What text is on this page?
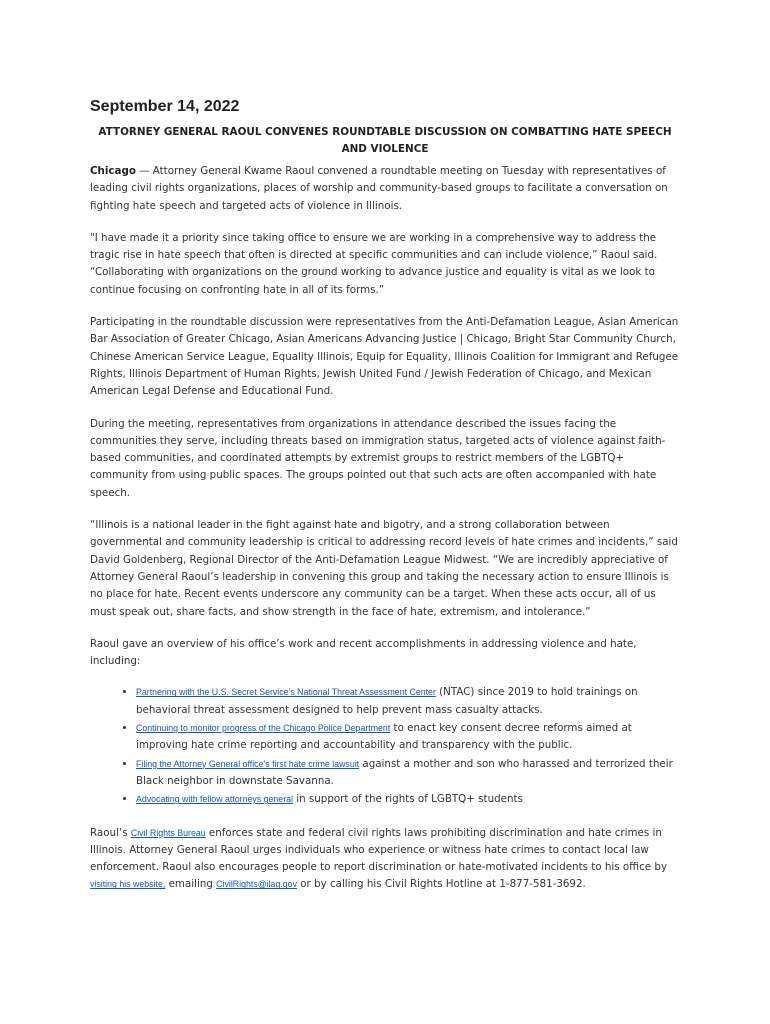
September 14, 2022
ATTORNEY GENERAL RAOUL CONVENES ROUNDTABLE DISCUSSION ON COMBATTING HATE SPEECH AND VIOLENCE

Chicago — Attorney General Kwame Raoul convened a roundtable meeting on Tuesday with representatives of leading civil rights organizations, places of worship and community-based groups to facilitate a conversation on fighting hate speech and targeted acts of violence in Illinois.

"I have made it a priority since taking office to ensure we are working in a comprehensive way to address the tragic rise in hate speech that often is directed at specific communities and can include violence,” Raoul said. “Collaborating with organizations on the ground working to advance justice and equality is vital as we look to continue focusing on confronting hate in all of its forms.”

Participating in the roundtable discussion were representatives from the Anti-Defamation League, Asian American Bar Association of Greater Chicago, Asian Americans Advancing Justice | Chicago, Bright Star Community Church, Chinese American Service League, Equality Illinois, Equip for Equality, Illinois Coalition for Immigrant and Refugee Rights, Illinois Department of Human Rights, Jewish United Fund / Jewish Federation of Chicago, and Mexican American Legal Defense and Educational Fund.

During the meeting, representatives from organizations in attendance described the issues facing the communities they serve, including threats based on immigration status, targeted acts of violence against faith-based communities, and coordinated attempts by extremist groups to restrict members of the LGBTQ+ community from using public spaces. The groups pointed out that such acts are often accompanied with hate speech.

“Illinois is a national leader in the fight against hate and bigotry, and a strong collaboration between governmental and community leadership is critical to addressing record levels of hate crimes and incidents,” said David Goldenberg, Regional Director of the Anti-Defamation League Midwest. “We are incredibly appreciative of Attorney General Raoul’s leadership in convening this group and taking the necessary action to ensure Illinois is no place for hate. Recent events underscore any community can be a target. When these acts occur, all of us must speak out, share facts, and show strength in the face of hate, extremism, and intolerance.”

Raoul gave an overview of his office’s work and recent accomplishments in addressing violence and hate, including:

• Partnering with the U.S. Secret Service’s National Threat Assessment Center (NTAC) since 2019 to hold trainings on behavioral threat assessment designed to help prevent mass casualty attacks.
• Continuing to monitor progress of the Chicago Police Department to enact key consent decree reforms aimed at improving hate crime reporting and accountability and transparency with the public.
• Filing the Attorney General office’s first hate crime lawsuit against a mother and son who harassed and terrorized their Black neighbor in downstate Savanna.
• Advocating with fellow attorneys general in support of the rights of LGBTQ+ students

Raoul’s Civil Rights Bureau enforces state and federal civil rights laws prohibiting discrimination and hate crimes in Illinois. Attorney General Raoul urges individuals who experience or witness hate crimes to contact local law enforcement. Raoul also encourages people to report discrimination or hate-motivated incidents to his office by visiting his website, emailing CivilRights@ilag.gov or by calling his Civil Rights Hotline at 1-877-581-3692.
